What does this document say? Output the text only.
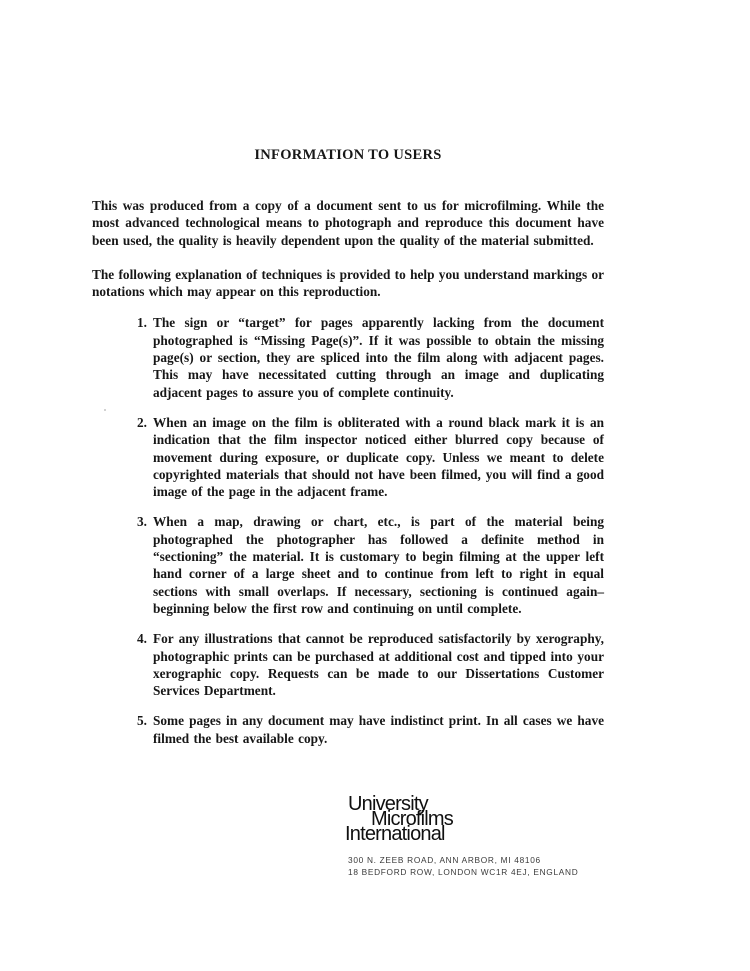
INFORMATION TO USERS

This was produced from a copy of a document sent to us for microfilming. While the most advanced technological means to photograph and reproduce this document have been used, the quality is heavily dependent upon the quality of the material submitted.

The following explanation of techniques is provided to help you understand markings or notations which may appear on this reproduction.

1. The sign or “target” for pages apparently lacking from the document photographed is “Missing Page(s)”. If it was possible to obtain the missing page(s) or section, they are spliced into the film along with adjacent pages. This may have necessitated cutting through an image and duplicating adjacent pages to assure you of complete continuity.
2. When an image on the film is obliterated with a round black mark it is an indication that the film inspector noticed either blurred copy because of movement during exposure, or duplicate copy. Unless we meant to delete copyrighted materials that should not have been filmed, you will find a good image of the page in the adjacent frame.
3. When a map, drawing or chart, etc., is part of the material being photographed the photographer has followed a definite method in “sectioning” the material. It is customary to begin filming at the upper left hand corner of a large sheet and to continue from left to right in equal sections with small overlaps. If necessary, sectioning is continued again–beginning below the first row and continuing on until complete.
4. For any illustrations that cannot be reproduced satisfactorily by xerography, photographic prints can be purchased at additional cost and tipped into your xerographic copy. Requests can be made to our Dissertations Customer Services Department.
5. Some pages in any document may have indistinct print. In all cases we have filmed the best available copy.
University
Microfilms
International
300 N. ZEEB ROAD, ANN ARBOR, MI 48106
18 BEDFORD ROW, LONDON WC1R 4EJ, ENGLAND
